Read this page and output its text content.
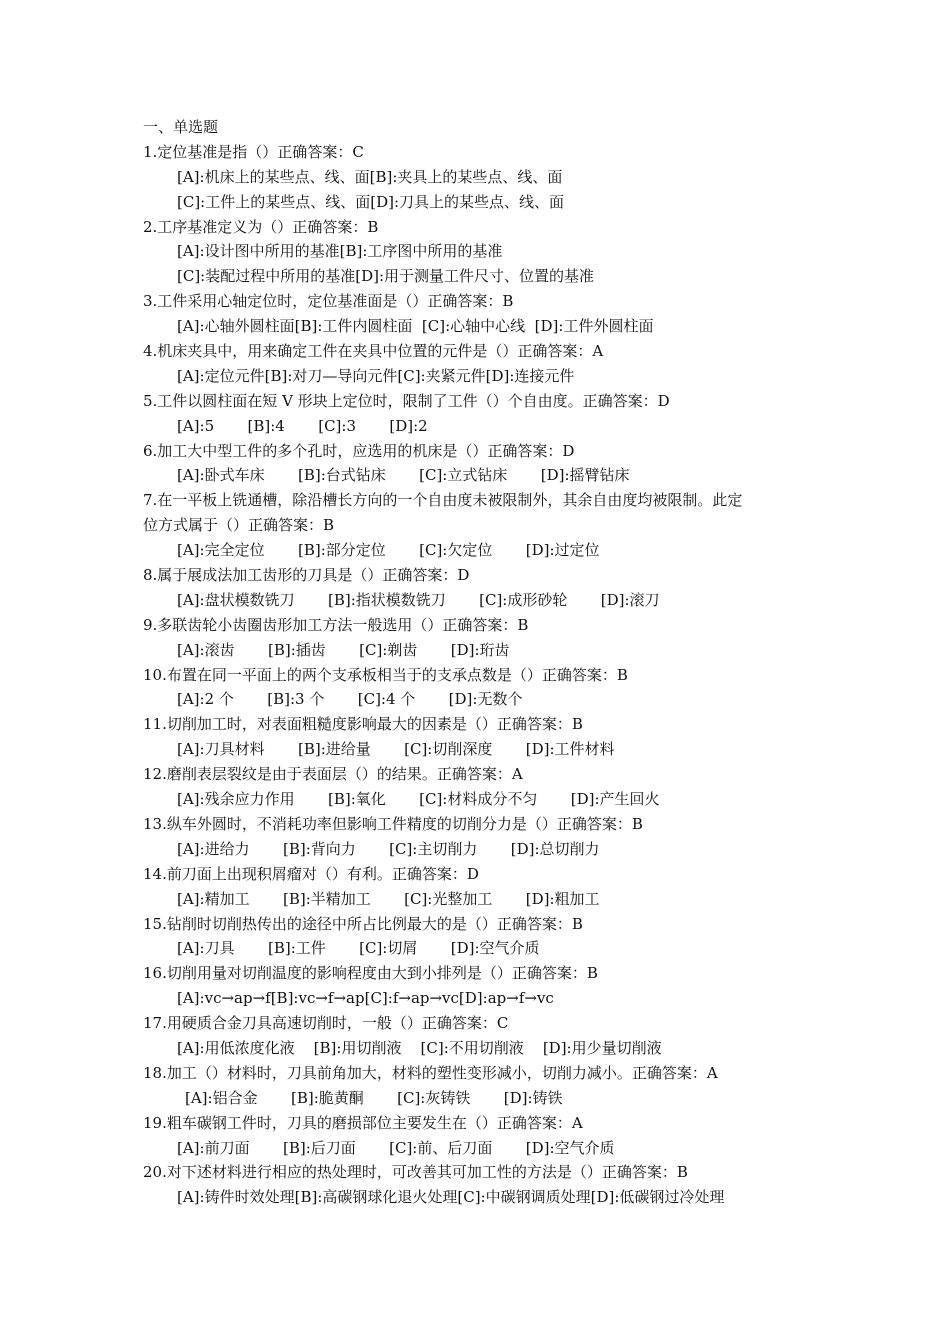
一、单选题
1.定位基准是指（）正确答案：C
[A]:机床上的某些点、线、面[B]:夹具上的某些点、线、面
[C]:工件上的某些点、线、面[D]:刀具上的某些点、线、面
2.工序基准定义为（）正确答案：B
[A]:设计图中所用的基准[B]:工序图中所用的基准
[C]:装配过程中所用的基准[D]:用于测量工件尺寸、位置的基准
3.工件采用心轴定位时，定位基准面是（）正确答案：B
[A]:心轴外圆柱面[B]:工件内圆柱面  [C]:心轴中心线  [D]:工件外圆柱面
4.机床夹具中，用来确定工件在夹具中位置的元件是（）正确答案：A
[A]:定位元件[B]:对刀—导向元件[C]:夹紧元件[D]:连接元件
5.工件以圆柱面在短 V 形块上定位时，限制了工件（）个自由度。正确答案：D
[A]:5       [B]:4       [C]:3       [D]:2
6.加工大中型工件的多个孔时，应选用的机床是（）正确答案：D
[A]:卧式车床       [B]:台式钻床       [C]:立式钻床       [D]:摇臂钻床
7.在一平板上铣通槽，除沿槽长方向的一个自由度未被限制外，其余自由度均被限制。此定
位方式属于（）正确答案：B
[A]:完全定位       [B]:部分定位       [C]:欠定位       [D]:过定位
8.属于展成法加工齿形的刀具是（）正确答案：D
[A]:盘状模数铣刀       [B]:指状模数铣刀       [C]:成形砂轮       [D]:滚刀
9.多联齿轮小齿圈齿形加工方法一般选用（）正确答案：B
[A]:滚齿       [B]:插齿       [C]:剃齿       [D]:珩齿
10.布置在同一平面上的两个支承板相当于的支承点数是（）正确答案：B
[A]:2 个       [B]:3 个       [C]:4 个       [D]:无数个
11.切削加工时，对表面粗糙度影响最大的因素是（）正确答案：B
[A]:刀具材料       [B]:进给量       [C]:切削深度       [D]:工件材料
12.磨削表层裂纹是由于表面层（）的结果。正确答案：A
[A]:残余应力作用       [B]:氧化       [C]:材料成分不匀       [D]:产生回火
13.纵车外圆时，不消耗功率但影响工件精度的切削分力是（）正确答案：B
[A]:进给力       [B]:背向力       [C]:主切削力       [D]:总切削力
14.前刀面上出现积屑瘤对（）有利。正确答案：D
[A]:精加工       [B]:半精加工       [C]:光整加工       [D]:粗加工
15.钻削时切削热传出的途径中所占比例最大的是（）正确答案：B
[A]:刀具       [B]:工件       [C]:切屑       [D]:空气介质
16.切削用量对切削温度的影响程度由大到小排列是（）正确答案：B
[A]:vc→ap→f[B]:vc→f→ap[C]:f→ap→vc[D]:ap→f→vc
17.用硬质合金刀具高速切削时，一般（）正确答案：C
[A]:用低浓度化液    [B]:用切削液    [C]:不用切削液    [D]:用少量切削液
18.加工（）材料时，刀具前角加大，材料的塑性变形减小，切削力减小。正确答案：A
[A]:铝合金       [B]:脆黄酮       [C]:灰铸铁       [D]:铸铁
19.粗车碳钢工件时，刀具的磨损部位主要发生在（）正确答案：A
[A]:前刀面       [B]:后刀面       [C]:前、后刀面       [D]:空气介质
20.对下述材料进行相应的热处理时，可改善其可加工性的方法是（）正确答案：B
[A]:铸件时效处理[B]:高碳钢球化退火处理[C]:中碳钢调质处理[D]:低碳钢过冷处理
